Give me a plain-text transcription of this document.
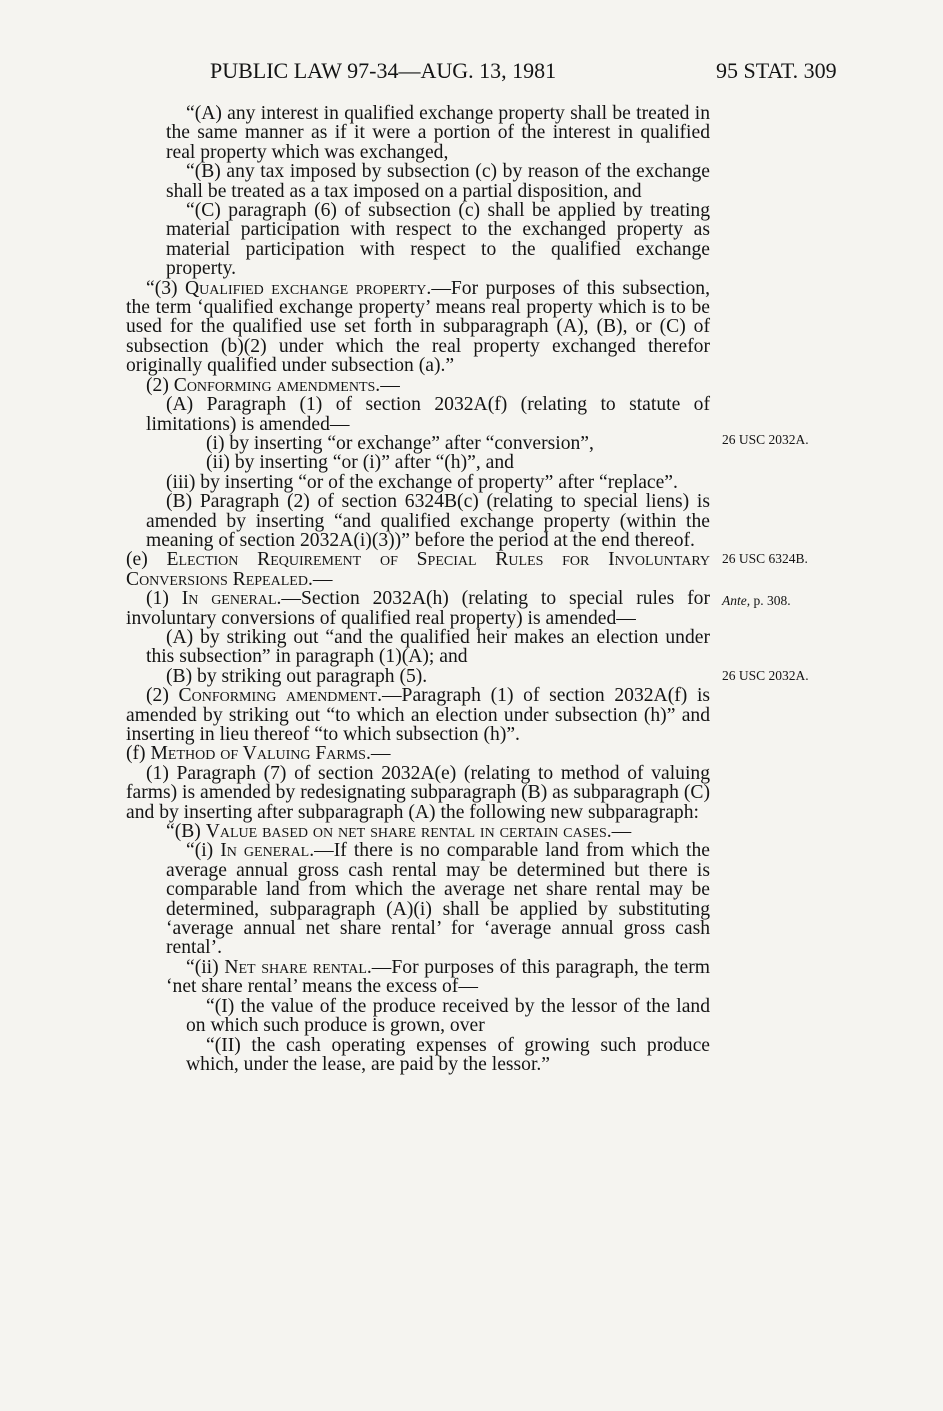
PUBLIC LAW 97-34—AUG. 13, 1981	95 STAT. 309

“(A) any interest in qualified exchange property shall be treated in the same manner as if it were a portion of the interest in qualified real property which was exchanged,

“(B) any tax imposed by subsection (c) by reason of the exchange shall be treated as a tax imposed on a partial disposition, and

“(C) paragraph (6) of subsection (c) shall be applied by treating material participation with respect to the exchanged property as material participation with respect to the qualified exchange property.

“(3) Qualified exchange property.—For purposes of this subsection, the term ‘qualified exchange property’ means real property which is to be used for the qualified use set forth in subparagraph (A), (B), or (C) of subsection (b)(2) under which the real property exchanged therefor originally qualified under subsection (a).”

(2) Conforming amendments.—

(A) Paragraph (1) of section 2032A(f) (relating to statute of limitations) is amended—

(i) by inserting “or exchange” after “conversion”,

(ii) by inserting “or (i)” after “(h)”, and

(iii) by inserting “or of the exchange of property” after “replace”.

(B) Paragraph (2) of section 6324B(c) (relating to special liens) is amended by inserting “and qualified exchange property (within the meaning of section 2032A(i)(3))” before the period at the end thereof.

(e) Election Requirement of Special Rules for Involuntary Conversions Repealed.—

(1) In general.—Section 2032A(h) (relating to special rules for involuntary conversions of qualified real property) is amended—

(A) by striking out “and the qualified heir makes an election under this subsection” in paragraph (1)(A); and

(B) by striking out paragraph (5).

(2) Conforming amendment.—Paragraph (1) of section 2032A(f) is amended by striking out “to which an election under subsection (h)” and inserting in lieu thereof “to which subsection (h)”.

(f) Method of Valuing Farms.—

(1) Paragraph (7) of section 2032A(e) (relating to method of valuing farms) is amended by redesignating subparagraph (B) as subparagraph (C) and by inserting after subparagraph (A) the following new subparagraph:

“(B) Value based on net share rental in certain cases.—

“(i) In general.—If there is no comparable land from which the average annual gross cash rental may be determined but there is comparable land from which the average net share rental may be determined, subparagraph (A)(i) shall be applied by substituting ‘average annual net share rental’ for ‘average annual gross cash rental’.

“(ii) Net share rental.—For purposes of this paragraph, the term ‘net share rental’ means the excess of—

“(I) the value of the produce received by the lessor of the land on which such produce is grown, over

“(II) the cash operating expenses of growing such produce which, under the lease, are paid by the lessor.”

26 USC 2032A.
26 USC 6324B.
Ante, p. 308.
26 USC 2032A.
